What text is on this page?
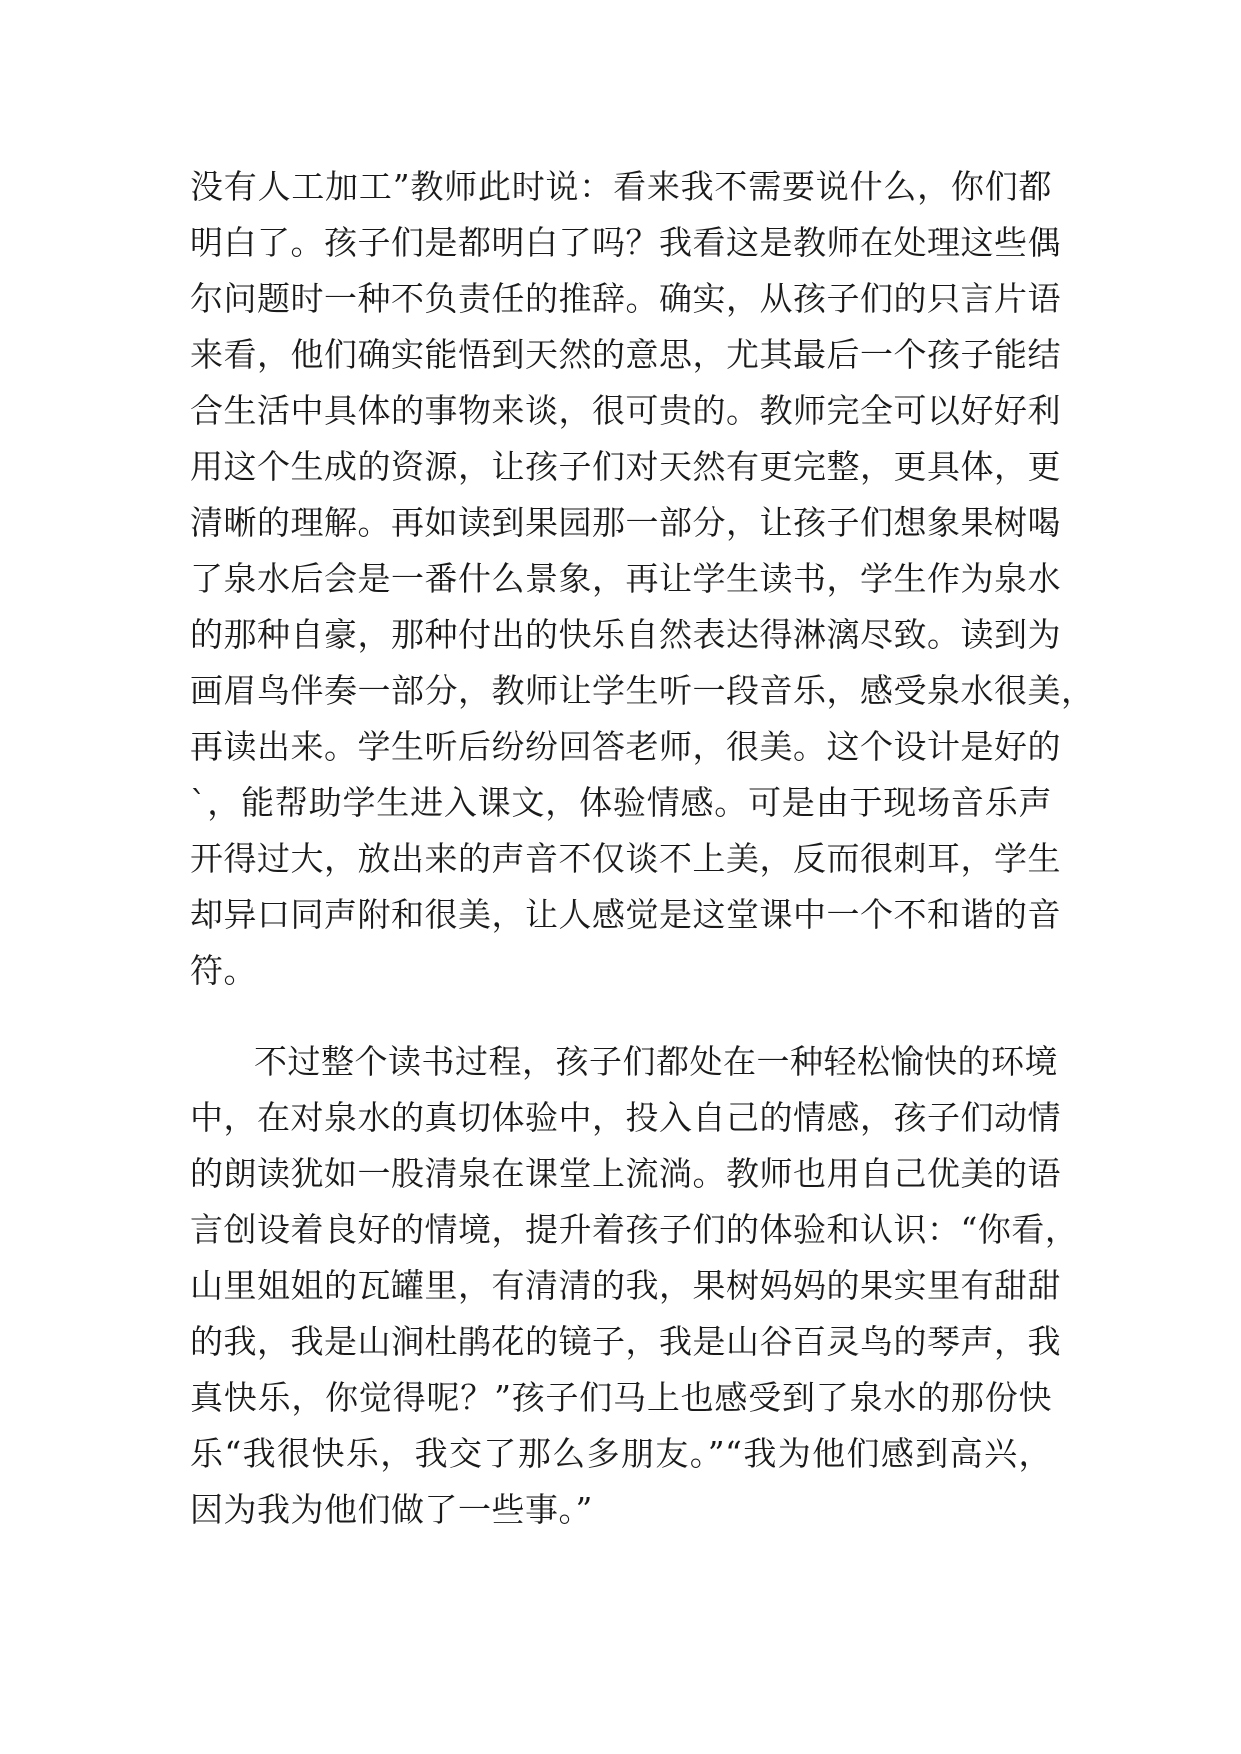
没有人工加工”教师此时说：看来我不需要说什么，你们都
明白了。孩子们是都明白了吗？我看这是教师在处理这些偶
尔问题时一种不负责任的推辞。确实，从孩子们的只言片语
来看，他们确实能悟到天然的意思，尤其最后一个孩子能结
合生活中具体的事物来谈，很可贵的。教师完全可以好好利
用这个生成的资源，让孩子们对天然有更完整，更具体，更
清晰的理解。再如读到果园那一部分，让孩子们想象果树喝
了泉水后会是一番什么景象，再让学生读书，学生作为泉水
的那种自豪，那种付出的快乐自然表达得淋漓尽致。读到为
画眉鸟伴奏一部分，教师让学生听一段音乐，感受泉水很美，
再读出来。学生听后纷纷回答老师，很美。这个设计是好的
`，能帮助学生进入课文，体验情感。可是由于现场音乐声
开得过大，放出来的声音不仅谈不上美，反而很刺耳，学生
却异口同声附和很美，让人感觉是这堂课中一个不和谐的音
符。
不过整个读书过程，孩子们都处在一种轻松愉快的环境
中，在对泉水的真切体验中，投入自己的情感，孩子们动情
的朗读犹如一股清泉在课堂上流淌。教师也用自己优美的语
言创设着良好的情境，提升着孩子们的体验和认识：“你看，
山里姐姐的瓦罐里，有清清的我，果树妈妈的果实里有甜甜
的我，我是山涧杜鹃花的镜子，我是山谷百灵鸟的琴声，我
真快乐，你觉得呢？”孩子们马上也感受到了泉水的那份快
乐“我很快乐，我交了那么多朋友。”“我为他们感到高兴，
因为我为他们做了一些事。”
